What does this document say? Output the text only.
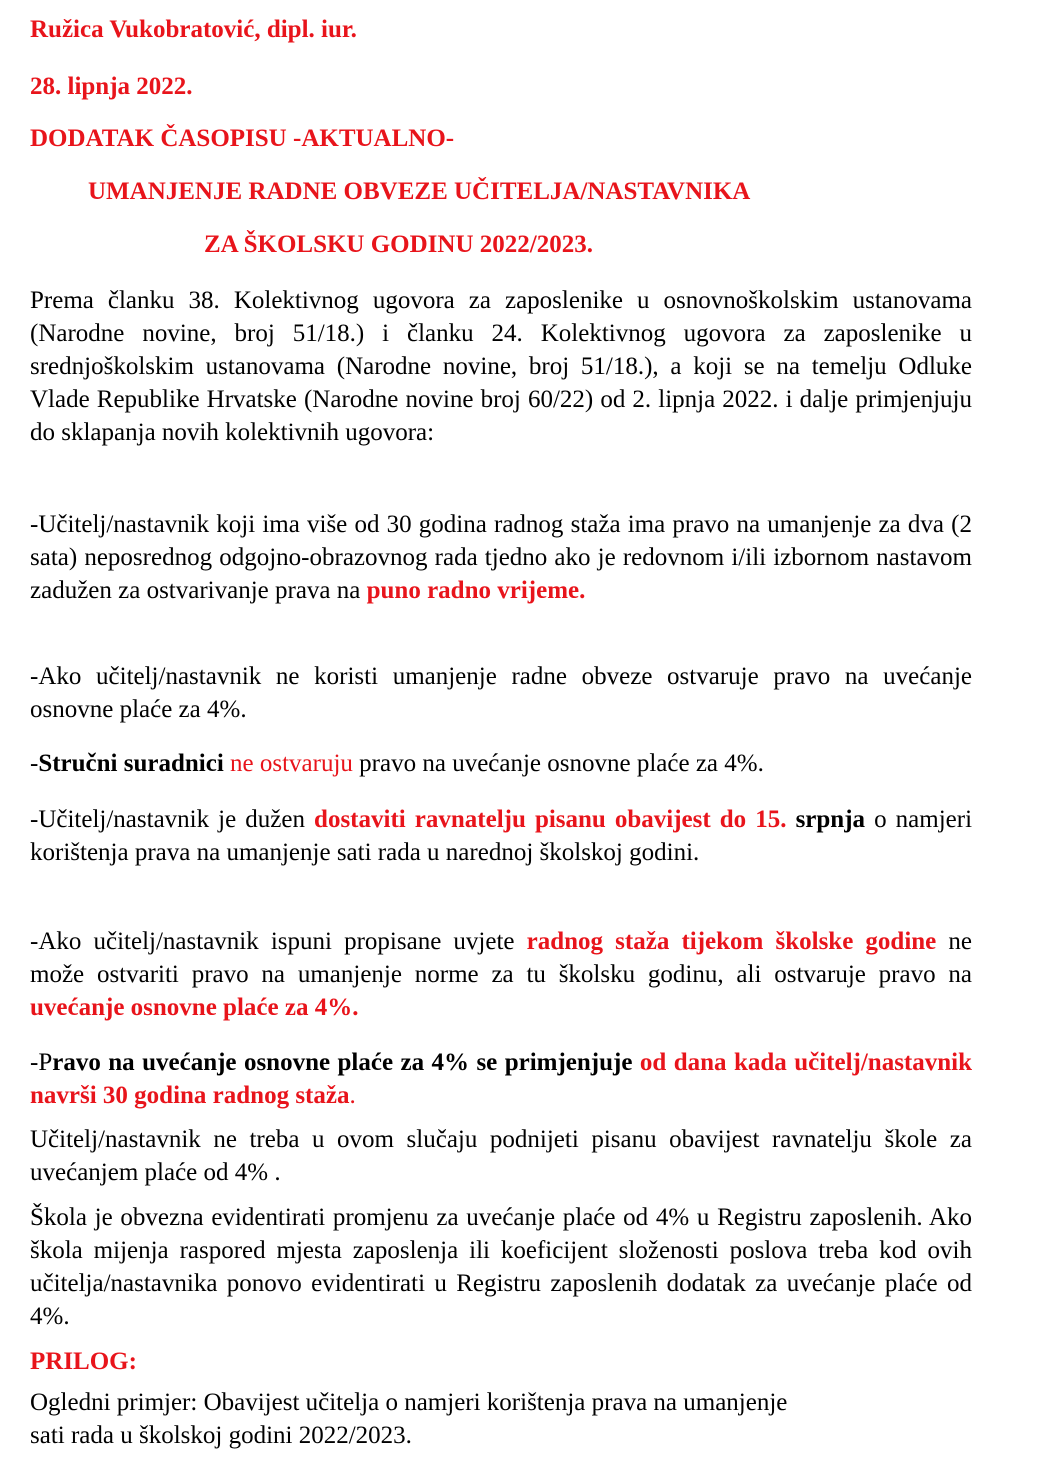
Ružica Vukobratović, dipl. iur.
28. lipnja 2022.
DODATAK ČASOPISU -AKTUALNO-
UMANJENJE RADNE OBVEZE UČITELJA/NASTAVNIKA
ZA ŠKOLSKU GODINU 2022/2023.
Prema članku 38. Kolektivnog ugovora za zaposlenike u osnovnoškolskim ustanovama (Narodne novine, broj 51/18.) i članku 24. Kolektivnog ugovora za zaposlenike u srednjoškolskim ustanovama (Narodne novine, broj 51/18.), a koji se na temelju Odluke Vlade Republike Hrvatske (Narodne novine broj 60/22) od 2. lipnja 2022. i dalje primjenjuju do sklapanja novih kolektivnih ugovora:
-Učitelj/nastavnik koji ima više od 30 godina radnog staža ima pravo na umanjenje za dva (2 sata) neposrednog odgojno-obrazovnog rada tjedno ako je redovnom i/ili izbornom nastavom zadužen za ostvarivanje prava na puno radno vrijeme.
-Ako učitelj/nastavnik ne koristi umanjenje radne obveze ostvaruje pravo na uvećanje osnovne plaće za 4%.
-Stručni suradnici ne ostvaruju pravo na uvećanje osnovne plaće za 4%.
-Učitelj/nastavnik je dužen dostaviti ravnatelju pisanu obavijest do 15. srpnja o namjeri korištenja prava na umanjenje sati rada u narednoj školskoj godini.
-Ako učitelj/nastavnik ispuni propisane uvjete radnog staža tijekom školske godine ne može ostvariti pravo na umanjenje norme za tu školsku godinu, ali ostvaruje pravo na uvećanje osnovne plaće za 4%.
-Pravo na uvećanje osnovne plaće za 4% se primjenjuje od dana kada učitelj/nastavnik navrši 30 godina radnog staža.
Učitelj/nastavnik ne treba u ovom slučaju podnijeti pisanu obavijest ravnatelju škole za uvećanjem plaće od 4% .
Škola je obvezna evidentirati promjenu za uvećanje plaće od 4% u Registru zaposlenih. Ako škola mijenja raspored mjesta zaposlenja ili koeficijent složenosti poslova treba kod ovih učitelja/nastavnika ponovo evidentirati u Registru zaposlenih dodatak za uvećanje plaće od 4%.
PRILOG:
Ogledni primjer: Obavijest učitelja o namjeri korištenja prava na umanjenje
sati rada u školskoj godini 2022/2023.
